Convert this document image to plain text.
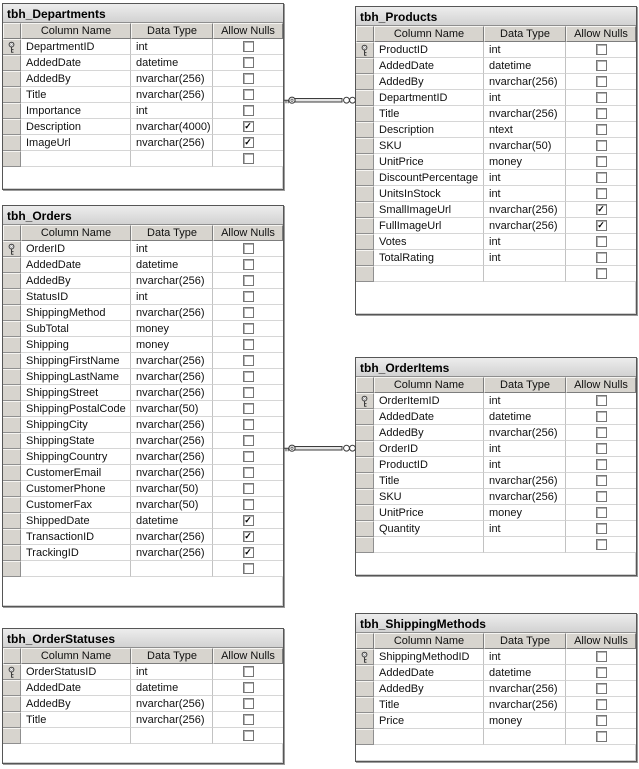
tbh_Departments
Column Name	Data Type	Allow Nulls
DepartmentID	int
AddedDate	datetime
AddedBy	nvarchar(256)
Title	nvarchar(256)
Importance	int
Description	nvarchar(4000)	✓
ImageUrl	nvarchar(256)	✓
tbh_Products
Column Name	Data Type	Allow Nulls
ProductID	int
AddedDate	datetime
AddedBy	nvarchar(256)
DepartmentID	int
Title	nvarchar(256)
Description	ntext
SKU	nvarchar(50)
UnitPrice	money
DiscountPercentage int
UnitsInStock	int
SmallImageUrl	nvarchar(256)	✓
FullImageUrl	nvarchar(256)	✓
Votes	int
TotalRating	int
tbh_Orders
Column Name	Data Type	Allow Nulls
OrderID	int
AddedDate	datetime
AddedBy	nvarchar(256)
StatusID	int
ShippingMethod	nvarchar(256)
SubTotal	money
Shipping	money
ShippingFirstName	nvarchar(256)
ShippingLastName	nvarchar(256)
ShippingStreet	nvarchar(256)
ShippingPostalCode nvarchar(50)
ShippingCity	nvarchar(256)
ShippingState	nvarchar(256)
ShippingCountry	nvarchar(256)
CustomerEmail	nvarchar(256)
CustomerPhone	nvarchar(50)
CustomerFax	nvarchar(50)
ShippedDate	datetime	✓
TransactionID	nvarchar(256)	✓
TrackingID	nvarchar(256)	✓
tbh_OrderItems
Column Name	Data Type	Allow Nulls
OrderItemID	int
AddedDate	datetime
AddedBy	nvarchar(256)
OrderID	int
ProductID	int
Title	nvarchar(256)
SKU	nvarchar(256)
UnitPrice	money
Quantity	int
tbh_OrderStatuses
Column Name	Data Type	Allow Nulls
OrderStatusID	int
AddedDate	datetime
AddedBy	nvarchar(256)
Title	nvarchar(256)
tbh_ShippingMethods
Column Name	Data Type	Allow Nulls
ShippingMethodID	int
AddedDate	datetime
AddedBy	nvarchar(256)
Title	nvarchar(256)
Price	money
